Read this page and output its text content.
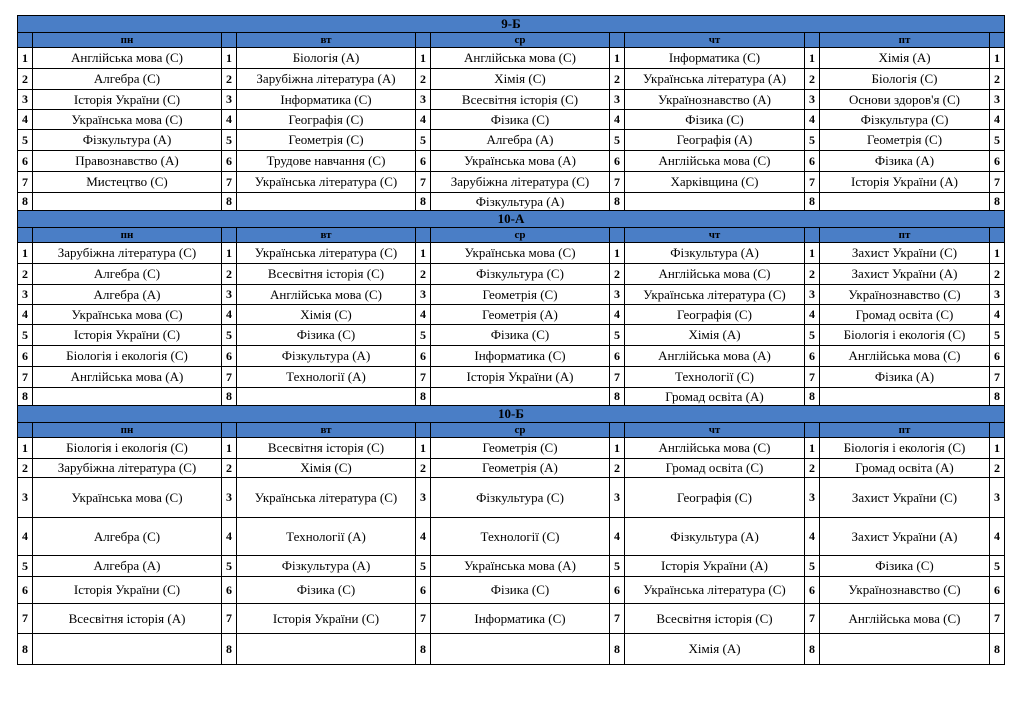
9-Б										
	пн		вт		ср		чт		пт	
1	Англійська мова (С)	1	Біологія (А)	1	Англійська мова (С)	1	Інформатика (С)	1	Хімія (А)	1
2	Алгебра (С)	2	Зарубіжна література (А)	2	Хімія (С)	2	Українська література (А)	2	Біологія (С)	2
3	Історія України (С)	3	Інформатика (С)	3	Всесвітня історія (С)	3	Українознавство (А)	3	Основи здоров'я (С)	3
4	Українська мова (С)	4	Географія (С)	4	Фізика (С)	4	Фізика (С)	4	Фізкультура (С)	4
5	Фізкультура (А)	5	Геометрія (С)	5	Алгебра (А)	5	Географія (А)	5	Геометрія (С)	5
6	Правознавство (А)	6	Трудове навчання (С)	6	Українська мова (А)	6	Англійська мова (С)	6	Фізика (А)	6
7	Мистецтво (С)	7	Українська література (С)	7	Зарубіжна література (С)	7	Харківщина (С)	7	Історія України (А)	7
8		8		8	Фізкультура (А)	8		8		8
10-А										
	пн		вт		ср		чт		пт	
1	Зарубіжна література (С)	1	Українська література (С)	1	Українська мова (С)	1	Фізкультура (А)	1	Захист України (С)	1
2	Алгебра (С)	2	Всесвітня історія (С)	2	Фізкультура (С)	2	Англійська мова (С)	2	Захист України (А)	2
3	Алгебра (А)	3	Англійська мова (С)	3	Геометрія (С)	3	Українська література (С)	3	Українознавство (С)	3
4	Українська мова (С)	4	Хімія (С)	4	Геометрія (А)	4	Географія (С)	4	Громад освіта (С)	4
5	Історія України (С)	5	Фізика (С)	5	Фізика (С)	5	Хімія (А)	5	Біологія і екологія (С)	5
6	Біологія і екологія (С)	6	Фізкультура (А)	6	Інформатика (С)	6	Англійська мова (А)	6	Англійська мова (С)	6
7	Англійська мова (А)	7	Технології (А)	7	Історія України (А)	7	Технології (С)	7	Фізика (А)	7
8		8		8		8	Громад освіта (А)	8		8
10-Б										
	пн		вт		ср		чт		пт	
1	Біологія і екологія (С)	1	Всесвітня історія (С)	1	Геометрія (С)	1	Англійська мова (С)	1	Біологія і екологія (С)	1
2	Зарубіжна література (С)	2	Хімія (С)	2	Геометрія (А)	2	Громад освіта (С)	2	Громад освіта (А)	2
3	Українська мова (С)	3	Українська література (С)	3	Фізкультура (С)	3	Географія (С)	3	Захист України (С)	3
4	Алгебра (С)	4	Технології (А)	4	Технології (С)	4	Фізкультура (А)	4	Захист України (А)	4
5	Алгебра (А)	5	Фізкультура (А)	5	Українська мова (А)	5	Історія України (А)	5	Фізика (С)	5
6	Історія України (С)	6	Фізика (С)	6	Фізика (С)	6	Українська література (С)	6	Українознавство (С)	6
7	Всесвітня історія (А)	7	Історія України (С)	7	Інформатика (С)	7	Всесвітня історія (С)	7	Англійська мова (С)	7
8		8		8		8	Хімія (А)	8		8
